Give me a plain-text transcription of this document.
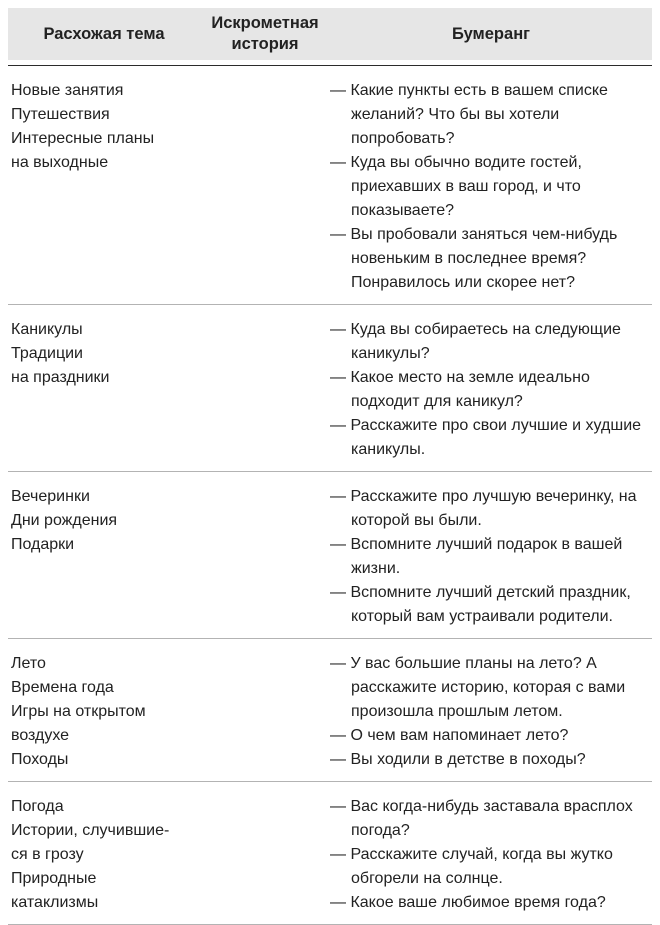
Расхожая тема
Искрометная история
Бумеранг
Новые занятия
Путешествия
Интересные планы
на выходные

— Какие пункты есть в вашем списке желаний? Что бы вы хотели попробовать?

— Куда вы обычно водите гостей, приехавших в ваш город, и что показываете?

— Вы пробовали заняться чем-нибудь новеньким в последнее время? Понравилось или скорее нет?

Каникулы
Традиции
на праздники

— Куда вы собираетесь на следующие каникулы?

— Какое место на земле идеально подходит для каникул?

— Расскажите про свои лучшие и худшие каникулы.

Вечеринки
Дни рождения
Подарки

— Расскажите про лучшую вечеринку, на которой вы были.

— Вспомните лучший подарок в вашей жизни.

— Вспомните лучший детский праздник, который вам устраивали родители.

Лето
Времена года
Игры на открытом
воздухе
Походы

— У вас большие планы на лето? А расскажите историю, которая с вами произошла прошлым летом.

— О чем вам напоминает лето?

— Вы ходили в детстве в походы?

Погода
Истории, случившие-
ся в грозу
Природные
катаклизмы

— Вас когда-нибудь заставала врасплох погода?

— Расскажите случай, когда вы жутко обгорели на солнце.

— Какое ваше любимое время года?
